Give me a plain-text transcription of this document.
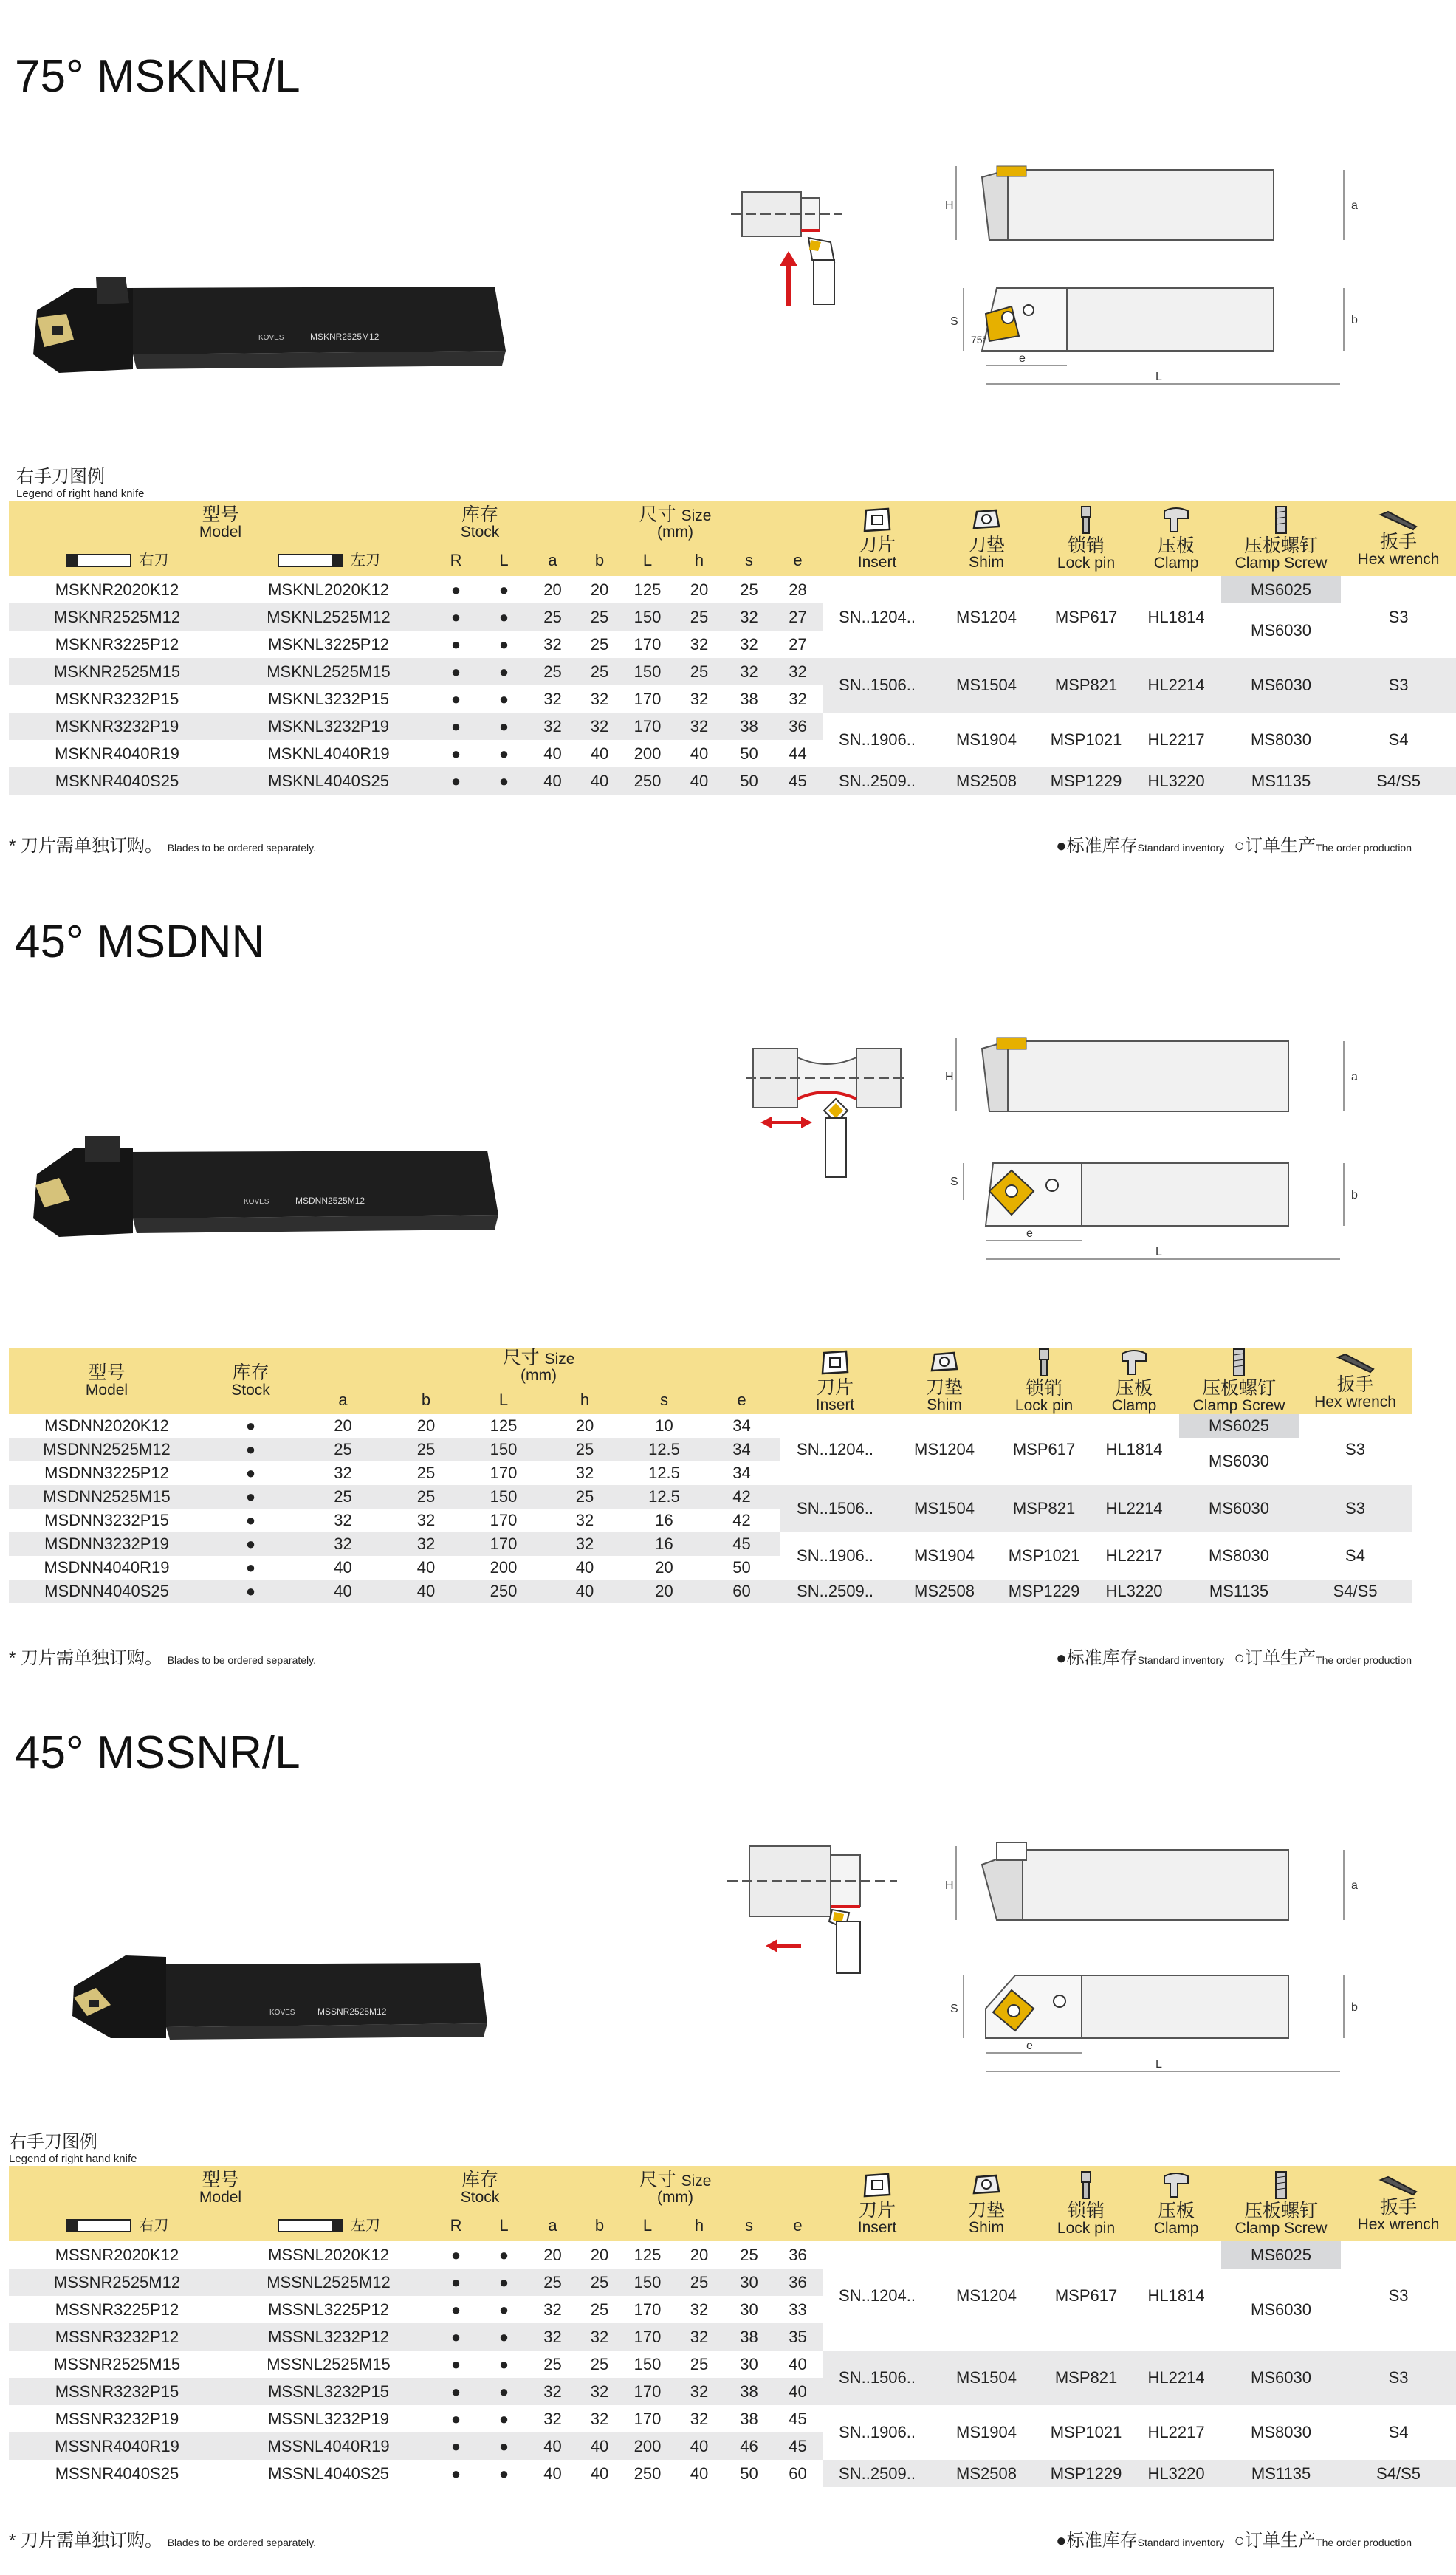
75° MSKNR/L
MSKNR2525M12
KOVES
H	a
S
75°
b
e
L
右手刀图例
Legend of right hand knife
型号
Model		库存
Stock		尺寸 Size
(mm)						刀片
Insert	刀垫
Shim	锁销
Lock pin	压板
Clamp	压板螺钉
Clamp Screw	扳手
Hex wrench

右刀	左刀	R	L	a	b	L	h	s	e						
MSKNR2020K12	MSKNL2020K12	●	●	20	20	125	20	25	28	SN..1204..	MS1204	MSP617	HL1814	MS6025	S3
MSKNR2525M12	MSKNL2525M12	●	●	25	25	150	25	32	27					MS6030	
MSKNR3225P12	MSKNL3225P12	●	●	32	25	170	32	32	27						
MSKNR2525M15	MSKNL2525M15	●	●	25	25	150	25	32	32	SN..1506..	MS1504	MSP821	HL2214	MS6030	S3
MSKNR3232P15	MSKNL3232P15	●	●	32	32	170	32	38	32						
MSKNR3232P19	MSKNL3232P19	●	●	32	32	170	32	38	36	SN..1906..	MS1904	MSP1021	HL2217	MS8030	S4
MSKNR4040R19	MSKNL4040R19	●	●	40	40	200	40	50	44						
MSKNR4040S25	MSKNL4040S25	●	●	40	40	250	40	50	45	SN..2509..	MS2508	MSP1229	HL3220	MS1135	S4/S5
* 刀片需单独订购。 Blades to be ordered separately.	●标准库存Standard inventory ○订单生产The order production
45° MSDNN
MSDNN2525M12
KOVES
H	a
S
b
e
L
型号
Model	库存
Stock	尺寸 Size
(mm)						刀片
Insert	刀垫
Shim	锁销
Lock pin	压板
Clamp	压板螺钉
Clamp Screw	扳手
Hex wrench

		a	b	L	h	s	e						
MSDNN2020K12	●	20	20	125	20	10	34	SN..1204..	MS1204	MSP617	HL1814	MS6025	S3
MSDNN2525M12	●	25	25	150	25	12.5	34					MS6030	
MSDNN3225P12	●	32	25	170	32	12.5	34						
MSDNN2525M15	●	25	25	150	25	12.5	42	SN..1506..	MS1504	MSP821	HL2214	MS6030	S3
MSDNN3232P15	●	32	32	170	32	16	42						
MSDNN3232P19	●	32	32	170	32	16	45	SN..1906..	MS1904	MSP1021	HL2217	MS8030	S4
MSDNN4040R19	●	40	40	200	40	20	50						
MSDNN4040S25	●	40	40	250	40	20	60	SN..2509..	MS2508	MSP1229	HL3220	MS1135	S4/S5
* 刀片需单独订购。 Blades to be ordered separately.	●标准库存Standard inventory ○订单生产The order production
45° MSSNR/L
MSSNR2525M12
KOVES
H	a
S	b
e
L
右手刀图例
Legend of right hand knife
型号
Model		库存
Stock		尺寸 Size
(mm)						刀片
Insert	刀垫
Shim	锁销
Lock pin	压板
Clamp	压板螺钉
Clamp Screw	扳手
Hex wrench

右刀	左刀	R	L	a	b	L	h	s	e						
MSSNR2020K12	MSSNL2020K12	●	●	20	20	125	20	25	36	SN..1204..	MS1204	MSP617	HL1814	MS6025	S3
MSSNR2525M12	MSSNL2525M12	●	●	25	25	150	25	30	36					MS6030	
MSSNR3225P12	MSSNL3225P12	●	●	32	25	170	32	30	33						
MSSNR3232P12	MSSNL3232P12	●	●	32	32	170	32	38	35						
MSSNR2525M15	MSSNL2525M15	●	●	25	25	150	25	30	40	SN..1506..	MS1504	MSP821	HL2214	MS6030	S3
MSSNR3232P15	MSSNL3232P15	●	●	32	32	170	32	38	40						
MSSNR3232P19	MSSNL3232P19	●	●	32	32	170	32	38	45	SN..1906..	MS1904	MSP1021	HL2217	MS8030	S4
MSSNR4040R19	MSSNL4040R19	●	●	40	40	200	40	46	45						
MSSNR4040S25	MSSNL4040S25	●	●	40	40	250	40	50	60	SN..2509..	MS2508	MSP1229	HL3220	MS1135	S4/S5
* 刀片需单独订购。 Blades to be ordered separately.	●标准库存Standard inventory ○订单生产The order production
